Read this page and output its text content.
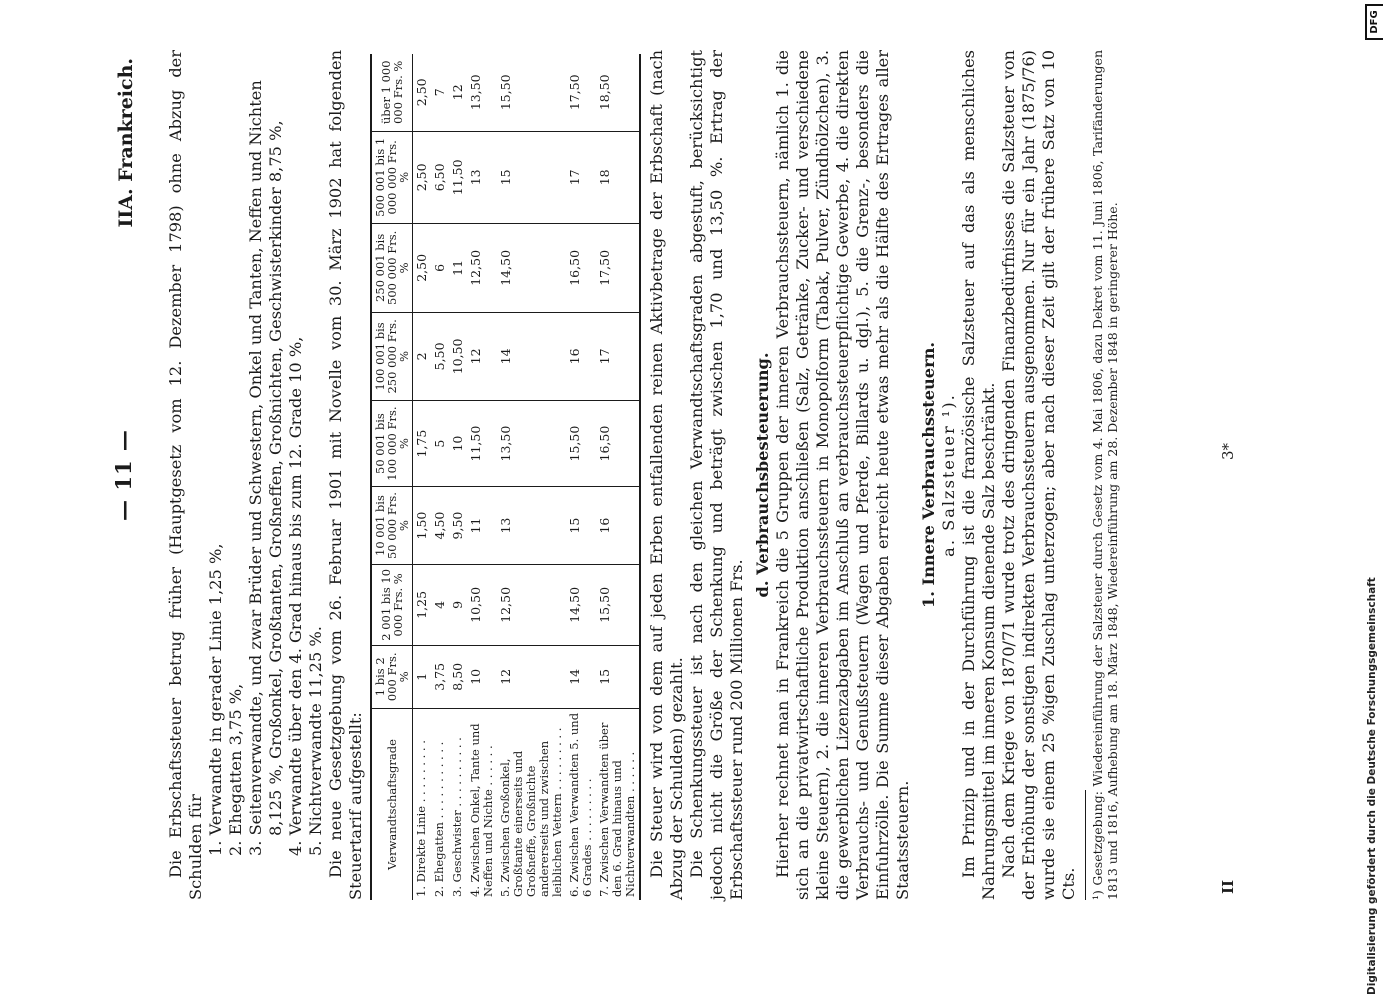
— 11 —
IIA. Frankreich. Die Erbschaftssteuer betrug früher (Hauptgesetz vom 12. Dezember 1798) ohne Abzug der Schulden für 1. Verwandte in gerader Linie 1,25 %, 2. Ehegatten 3,75 %, 3. Seitenverwandte, und zwar Brüder und Schwestern, Onkel und Tanten, Neffen und Nichten 8,125 %, Großonkel, Großtanten, Großneffen, Großnichten, Geschwisterkinder 8,75 %, 4. Verwandte über den 4. Grad hinaus bis zum 12. Grade 10 %, 5. Nichtverwandte 11,25 %. Die neue Gesetzgebung vom 26. Februar 1901 mit Novelle vom 30. März 1902 hat folgenden Steuertarif aufgestellt: Verwandtschaftsgrade	1 bis 2 000 Frs. %	2 001 bis 10 000 Frs. %	10 001 bis 50 000 Frs. %	50 001 bis 100 000 Frs. %	100 001 bis 250 000 Frs. %	250 001 bis 500 000 Frs. %	500 001 bis 1 000 000 Frs. %	über 1 000 000 Frs. %
1. Direkte Linie . . . . . . . . .	1	1,25	1,50	1,75	2	2,50	2,50	2,50
2. Ehegatten . . . . . . . . . . .	3,75	4	4,50	5	5,50	6	6,50	7
3. Geschwister . . . . . . . . . .	8,50	9	9,50	10	10,50	11	11,50	12
4. Zwischen Onkel, Tante und Neffen und Nichte . . . . . .	10	10,50	11	11,50	12	12,50	13	13,50
5. Zwischen Großonkel, Großtante einerseits und Großneffe, Großnichte andererseits und zwischen leiblichen Vettern . . . . . . . . .	12	12,50	13	13,50	14	14,50	15	15,50
6. Zwischen Verwandten 5. und 6 Grades . . . . . . . . .	14	14,50	15	15,50	16	16,50	17	17,50
7. Zwischen Verwandten über den 6. Grad hinaus und Nichtverwandten . . . . . .	15	15,50	16	16,50	17	17,50	18	18,50 Die Steuer wird von dem auf jeden Erben entfallenden reinen Aktivbetrage der Erbschaft (nach Abzug der Schulden) gezahlt. Die Schenkungssteuer ist nach den gleichen Verwandtschaftsgraden abgestuft, berücksichtigt jedoch nicht die Größe der Schenkung und beträgt zwischen 1,70 und 13,50 %. Ertrag der Erbschaftssteuer rund 200 Millionen Frs.

d. Verbrauchsbesteuerung. Hierher rechnet man in Frankreich die 5 Gruppen der inneren Verbrauchssteuern, nämlich 1. die sich an die privatwirtschaftliche Produktion anschließen (Salz, Getränke, Zucker- und verschiedene kleine Steuern), 2. die inneren Verbrauchssteuern in Monopolform (Tabak, Pulver, Zündhölzchen), 3. die gewerblichen Lizenzabgaben im Anschluß an verbrauchssteuerpflichtige Gewerbe, 4. die direkten Verbrauchs- und Genußsteuern (Wagen und Pferde, Billards u. dgl.), 5. die Grenz-, besonders die Einfuhrzölle. Die Summe dieser Abgaben erreicht heute etwas mehr als die Hälfte des Ertrages aller Staatssteuern.

1. Innere Verbrauchssteuern. a. Salzsteuer ¹). Im Prinzip und in der Durchführung ist die französische Salzsteuer auf das als menschliches Nahrungsmittel im inneren Konsum dienende Salz beschränkt. Nach dem Kriege von 1870/71 wurde trotz des dringenden Finanzbedürfnisses die Salzsteuer von der Erhöhung der sonstigen indirekten Verbrauchssteuern ausgenommen. Nur für ein Jahr (1875/76) wurde sie einem 25 %igen Zuschlag unterzogen; aber nach dieser Zeit gilt der frühere Satz von 10 Cts. ¹) Gesetzgebung: Wiedereinführung der Salzsteuer durch Gesetz vom 4. Mai 1806, dazu Dekret vom 11. Juni 1806, Tarifänderungen 1813 und 1816, Aufhebung am 18. März 1848, Wiedereinführung am 28. Dezember 1848 in geringerer Höhe.	II
3*
Digitalisierung gefördert durch die Deutsche Forschungsgemeinschaft
DFG
